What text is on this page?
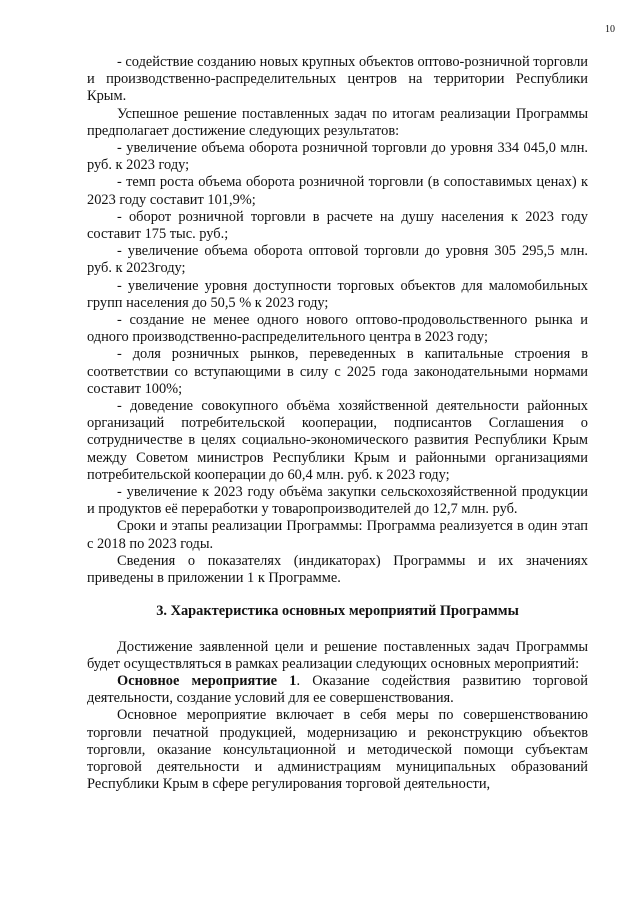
10

- содействие созданию новых крупных объектов оптово-розничной торговли и производственно-распределительных центров на территории Республики Крым.

Успешное решение поставленных задач по итогам реализации Программы предполагает достижение следующих результатов:

- увеличение объема оборота розничной торговли до уровня 334 045,0 млн. руб. к 2023 году;

- темп роста объема оборота розничной торговли (в сопоставимых ценах) к 2023 году составит 101,9%;

- оборот розничной торговли в расчете на душу населения к 2023 году составит 175 тыс. руб.;

- увеличение объема оборота оптовой торговли до уровня 305 295,5 млн. руб. к 2023году;

- увеличение уровня доступности торговых объектов для маломобильных групп населения до 50,5 % к 2023 году;

- создание не менее одного нового оптово-продовольственного рынка и одного производственно-распределительного центра в 2023 году;

- доля розничных рынков, переведенных в капитальные строения в соответствии со вступающими в силу с 2025 года законодательными нормами составит 100%;

- доведение совокупного объёма хозяйственной деятельности районных организаций потребительской кооперации, подписантов Соглашения о сотрудничестве в целях социально-экономического развития Республики Крым между Советом министров Республики Крым и районными организациями потребительской кооперации до 60,4 млн. руб. к 2023 году;

- увеличение к 2023 году объёма закупки сельскохозяйственной продукции и продуктов её переработки у товаропроизводителей до 12,7 млн. руб.

Сроки и этапы реализации Программы: Программа реализуется в один этап с 2018 по 2023 годы.

Сведения о показателях (индикаторах) Программы и их значениях приведены в приложении 1 к Программе.

3. Характеристика основных мероприятий Программы

Достижение заявленной цели и решение поставленных задач Программы будет осуществляться в рамках реализации следующих основных мероприятий:

Основное мероприятие 1. Оказание содействия развитию торговой деятельности, создание условий для ее совершенствования.

Основное мероприятие включает в себя меры по совершенствованию торговли печатной продукцией, модернизацию и реконструкцию объектов торговли, оказание консультационной и методической помощи субъектам торговой деятельности и администрациям муниципальных образований Республики Крым в сфере регулирования торговой деятельности,
